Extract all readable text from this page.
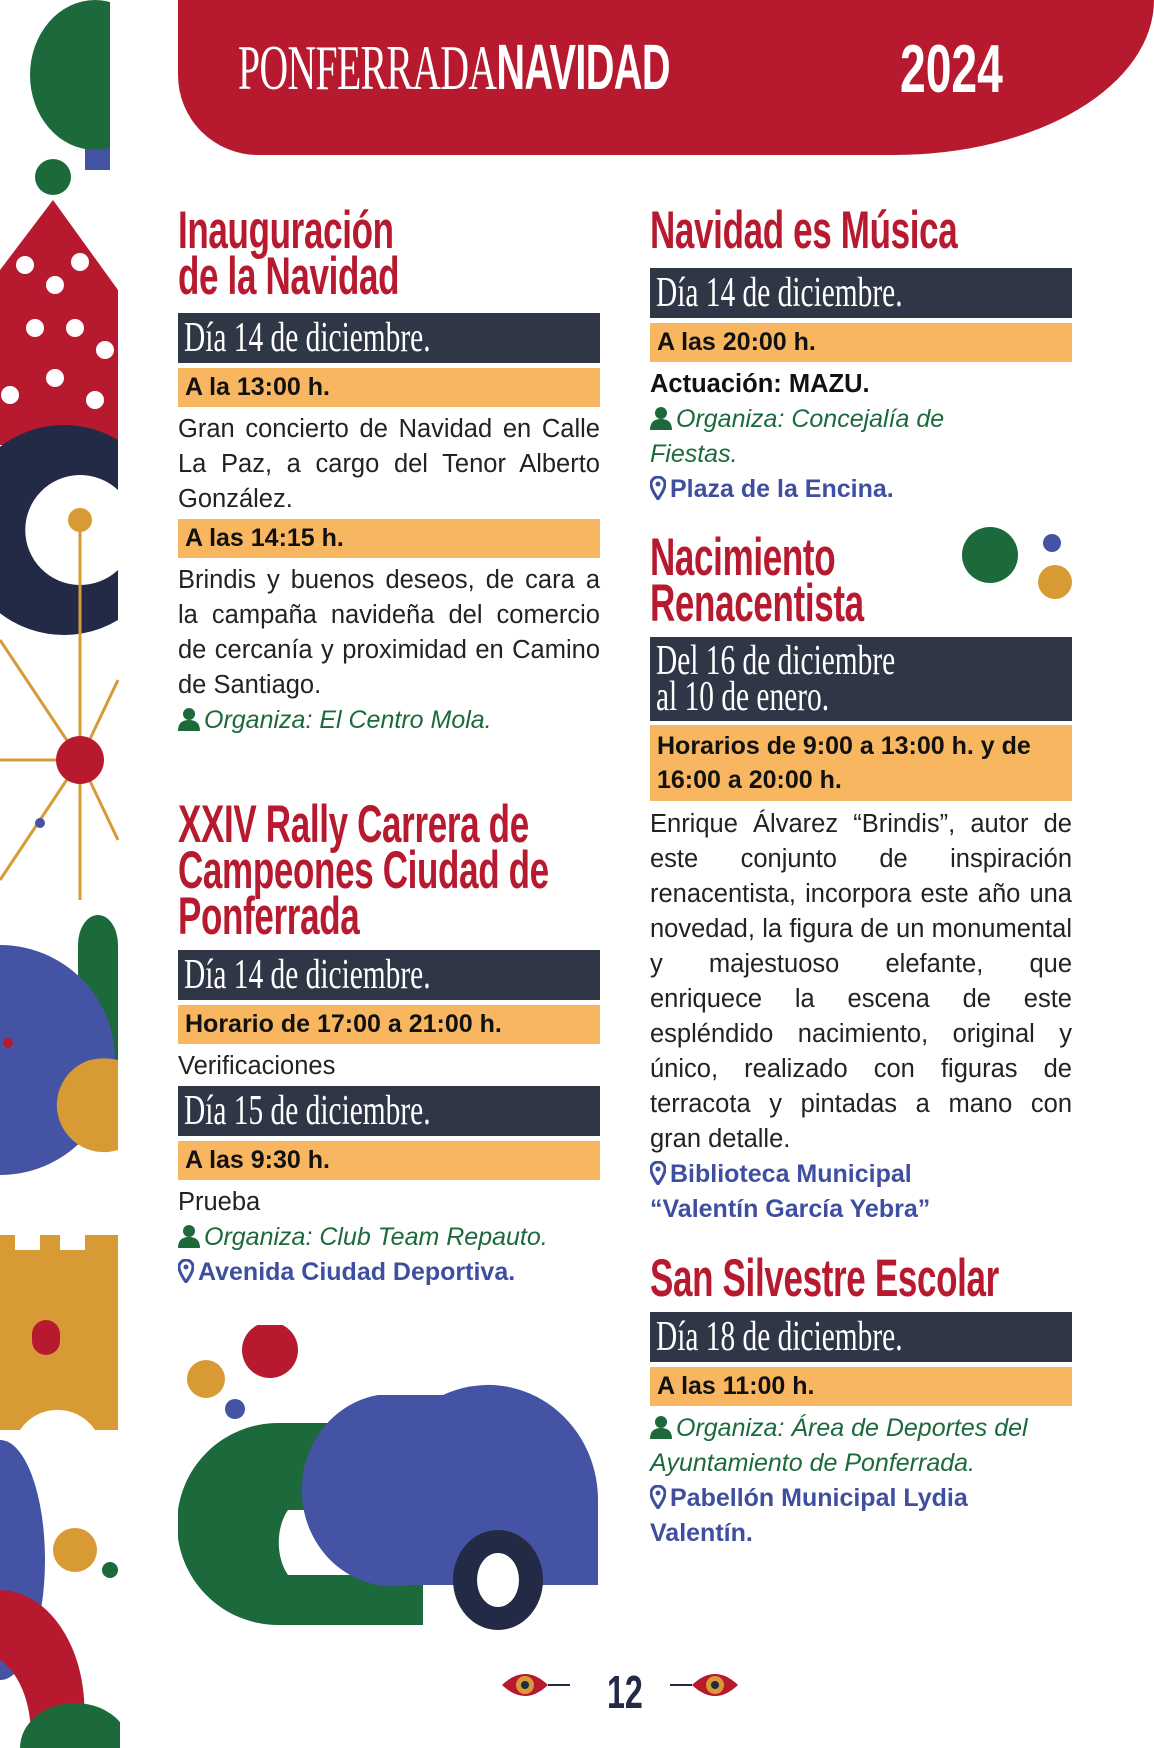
PONFERRADANAVIDAD	2024
Inauguración
de la Navidad
Día 14 de diciembre.
A la 13:00 h.
Gran concierto de Navidad en Calle La Paz, a cargo del Tenor Alberto González.
A las 14:15 h.
Brindis y buenos deseos, de cara a la campaña navideña del comercio de cercanía y proximidad en Camino de Santiago.
Organiza: El Centro Mola.
XXIV Rally Carrera de
Campeones Ciudad de
Ponferrada
Día 14 de diciembre.
Horario de 17:00 a 21:00 h.
Verificaciones
Día 15 de diciembre.
A las 9:30 h.
Prueba
Organiza: Club Team Repauto.
Avenida Ciudad Deportiva.
Navidad es Música
Día 14 de diciembre.
A las 20:00 h.
Actuación: MAZU.
Organiza: Concejalía de Fiestas.
Plaza de la Encina.
Nacimiento
Renacentista
Del 16 de diciembre
al 10 de enero.
Horarios de 9:00 a 13:00 h. y de 16:00 a 20:00 h.
Enrique Álvarez “Brindis”, autor de este conjunto de inspiración renacentista, incorpora este año una novedad, la figura de un monumental y majestuoso elefante, que enriquece la escena de este espléndido nacimiento, original y único, realizado con figuras de terracota y pintadas a mano con gran detalle.
Biblioteca Municipal “Valentín García Yebra”
San Silvestre Escolar
Día 18 de diciembre.
A las 11:00 h.
Organiza: Área de Deportes del Ayuntamiento de Ponferrada.
Pabellón Municipal Lydia Valentín.
12
